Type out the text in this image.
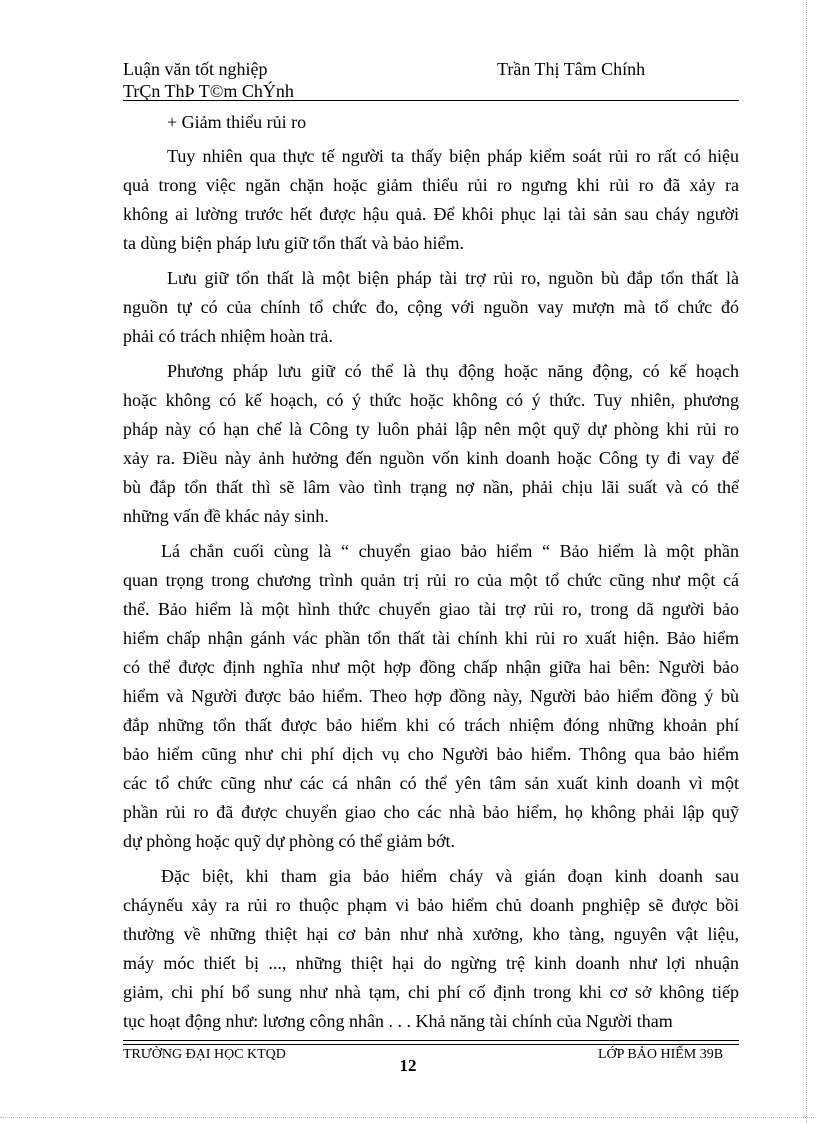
Luận văn tốt nghiệp
TrÇn ThÞ T©m ChÝnh
Trần Thị Tâm Chính
+ Giảm thiểu rủi ro
Tuy nhiên qua thực tế người ta thấy biện pháp kiểm soát rủi ro rất có hiệu
quả trong việc ngăn chặn hoặc giảm thiểu rủi ro ngưng khi rủi ro đã xảy ra
không ai lường trước hết được hậu quả. Để khôi phục lại tài sản sau cháy người
ta dùng biện pháp lưu giữ tổn thất và bảo hiểm.
Lưu giữ tổn thất là một biện pháp tài trợ rủi ro, nguồn bù đắp tổn thất là
nguồn tự có của chính tổ chức đo, cộng với nguồn vay mượn mà tổ chức đó
phải có trách nhiệm hoàn trả.
Phương pháp lưu giữ có thể là thụ động hoặc năng động, có kế hoạch
hoặc không có kế hoạch, có ý thức hoặc không có ý thức. Tuy nhiên, phương
pháp này có hạn chế là Công ty luôn phải lập nên một quỹ dự phòng khi rủi ro
xảy ra. Điều này ảnh hưởng đến nguồn vốn kinh doanh hoặc Công ty đi vay để
bù đắp tổn thất thì sẽ lâm vào tình trạng nợ nần, phải chịu lãi suất và có thể
những vấn đề khác nảy sinh.
Lá chắn cuối cùng là “ chuyển giao bảo hiểm “ Bảo hiểm là một phần
quan trọng trong chương trình quản trị rủi ro của một tổ chức cũng như một cá
thể. Bảo hiểm là một hình thức chuyển giao tài trợ rủi ro, trong dã người bảo
hiểm chấp nhận gánh vác phần tổn thất tài chính khi rủi ro xuất hiện. Bảo hiểm
có thể được định nghĩa như một hợp đồng chấp nhận giữa hai bên: Người bảo
hiểm và Người được bảo hiểm. Theo hợp đồng này, Người bảo hiểm đồng ý bù
đắp những tổn thất được bảo hiểm khi có trách nhiệm đóng những khoản phí
bảo hiểm cũng như chi phí dịch vụ cho Người bảo hiểm. Thông qua bảo hiểm
các tổ chức cũng như các cá nhân có thể yên tâm sản xuất kinh doanh vì một
phần rủi ro đã được chuyển giao cho các nhà bảo hiểm, họ không phải lập quỹ
dự phòng hoặc quỹ dự phòng có thể giảm bớt.
Đặc biệt, khi tham gia bảo hiểm cháy và gián đoạn kinh doanh sau
cháynếu xảy ra rủi ro thuộc phạm vi bảo hiểm chủ doanh pnghiệp sẽ được bồi
thường về những thiệt hại cơ bản như nhà xưởng, kho tàng, nguyên vật liệu,
máy móc thiết bị ..., những thiệt hại do ngừng trệ kinh doanh như lợi nhuận
giảm, chi phí bổ sung như nhà tạm, chi phí cố định trong khi cơ sở không tiếp
tục hoạt động như: lương công nhân . . . Khả năng tài chính của Người tham
TRƯỜNG ĐẠI HỌC KTQD	LỚP BẢO HIỂM 39B
12
